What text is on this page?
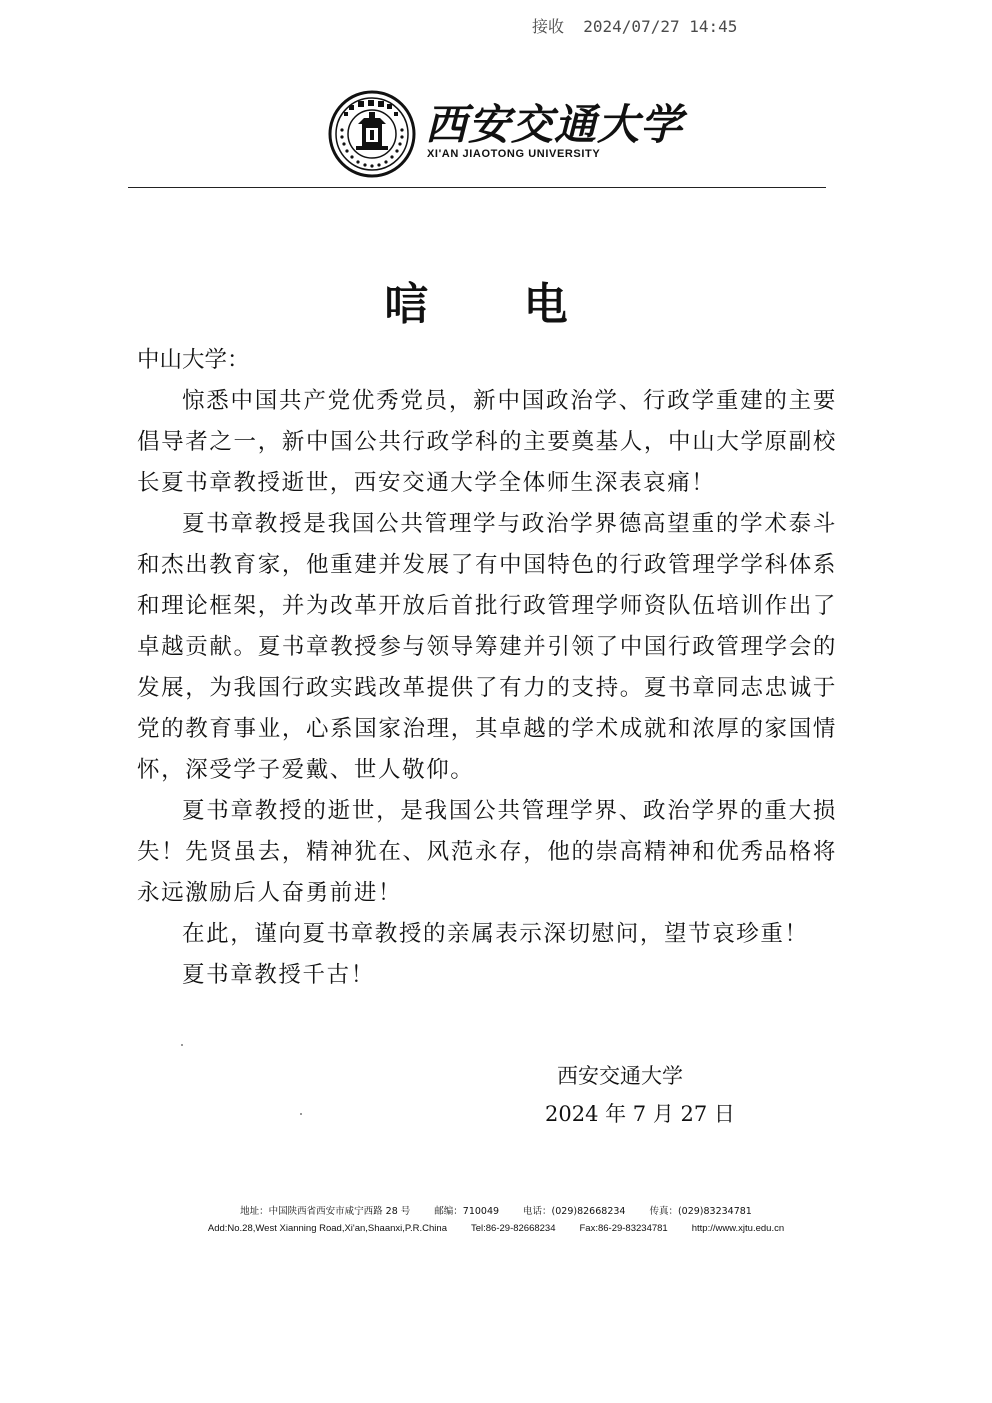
接收  2024/07/27 14:45
西安交通大学
XI'AN JIAOTONG UNIVERSITY
唁 电

中山大学：

惊悉中国共产党优秀党员，新中国政治学、行政学重建的主要倡导者之一，新中国公共行政学科的主要奠基人，中山大学原副校长夏书章教授逝世，西安交通大学全体师生深表哀痛！

夏书章教授是我国公共管理学与政治学界德高望重的学术泰斗和杰出教育家，他重建并发展了有中国特色的行政管理学学科体系和理论框架，并为改革开放后首批行政管理学师资队伍培训作出了卓越贡献。夏书章教授参与领导筹建并引领了中国行政管理学会的发展，为我国行政实践改革提供了有力的支持。夏书章同志忠诚于党的教育事业，心系国家治理，其卓越的学术成就和浓厚的家国情怀，深受学子爱戴、世人敬仰。

夏书章教授的逝世，是我国公共管理学界、政治学界的重大损失！先贤虽去，精神犹在、风范永存，他的崇高精神和优秀品格将永远激励后人奋勇前进！

在此，谨向夏书章教授的亲属表示深切慰问，望节哀珍重！

夏书章教授千古！

西安交通大学
2024 年 7 月 27 日
地址：中国陕西省西安市咸宁西路 28 号	邮编：710049	电话：(029)82668234	传真：(029)83234781
Add:No.28,West Xianning Road,Xi'an,Shaanxi,P.R.China	Tel:86-29-82668234	Fax:86-29-83234781	http://www.xjtu.edu.cn
